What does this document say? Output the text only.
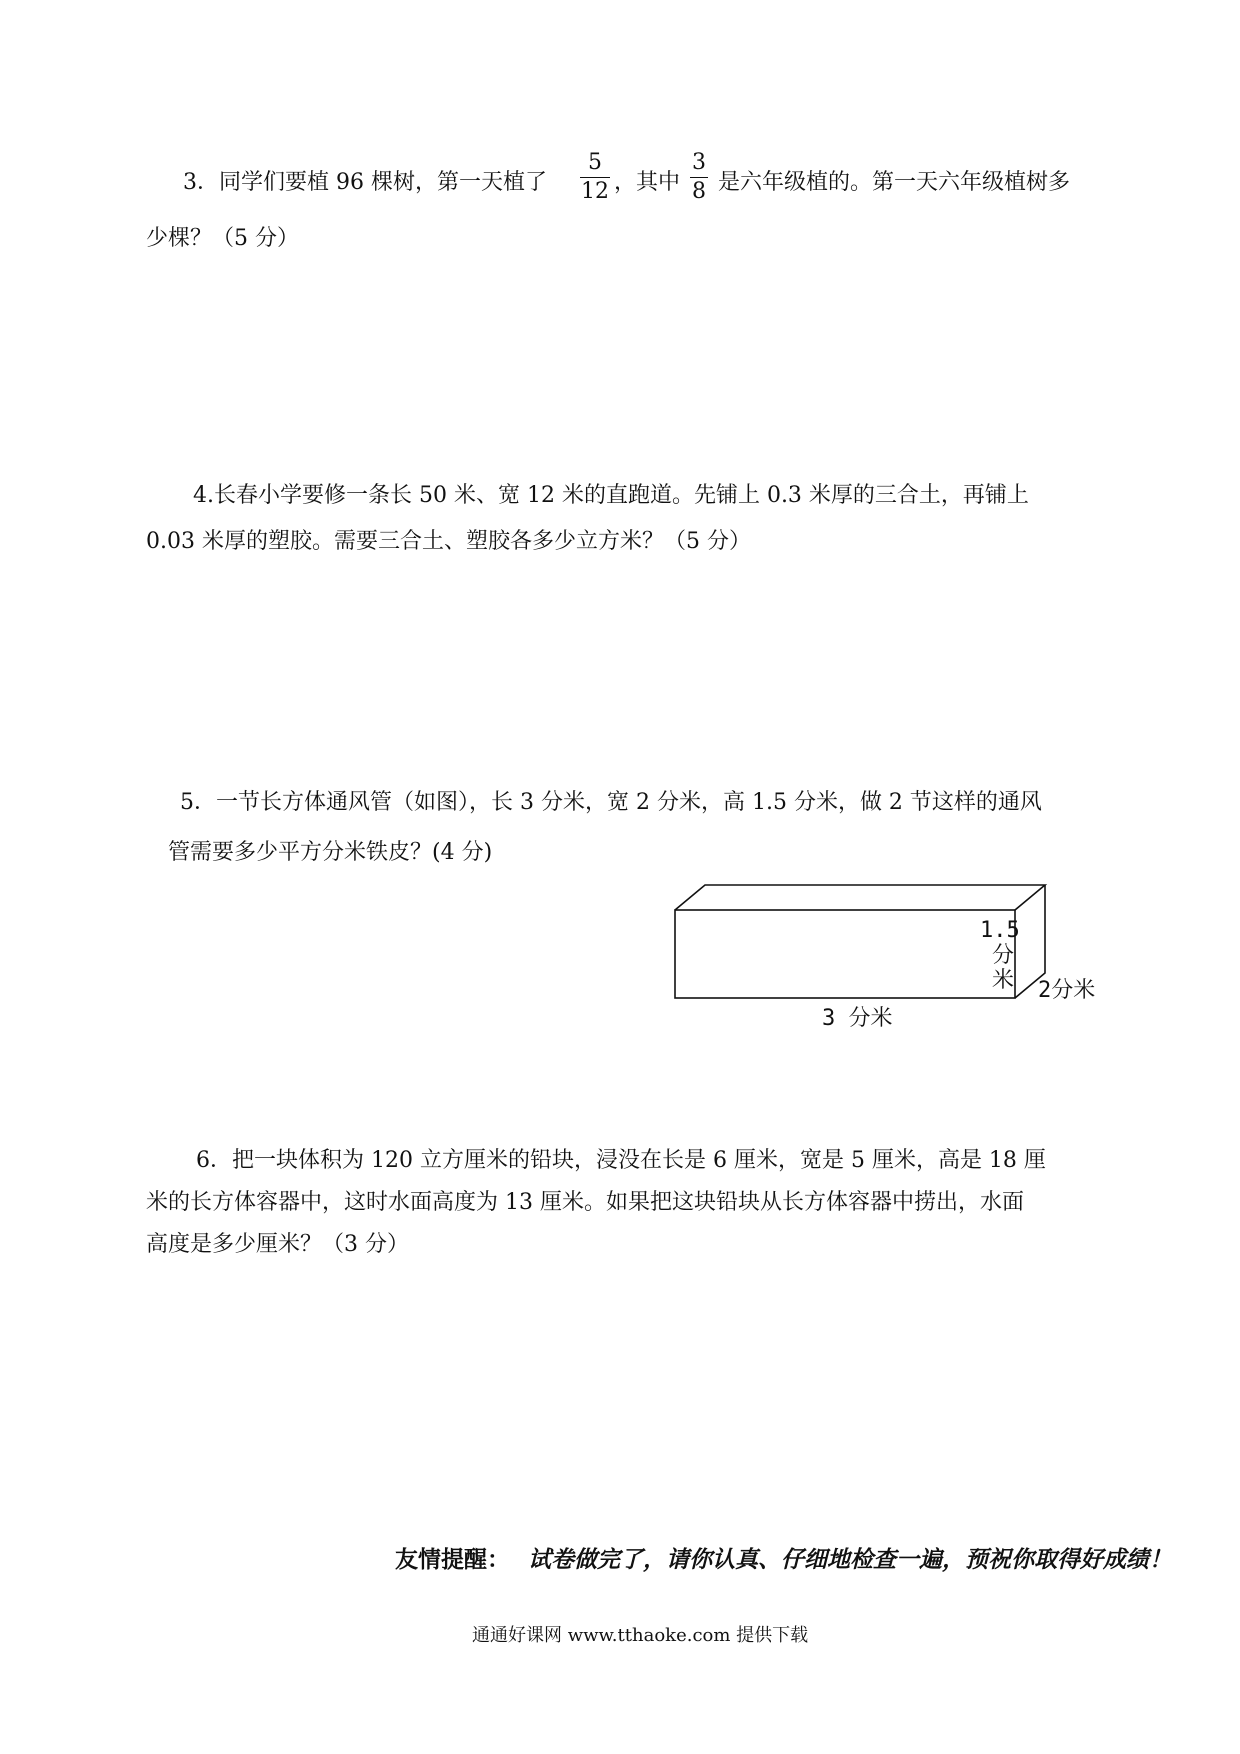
3．同学们要植 96 棵树，第一天植了
5
12 ，其中
3
8 是六年级植的。第一天六年级植树多
少棵？（5 分）
4.长春小学要修一条长 50 米、宽 12 米的直跑道。先铺上 0.3 米厚的三合土，再铺上
0.03 米厚的塑胶。需要三合土、塑胶各多少立方米？（5 分）
5．一节长方体通风管（如图），长 3 分米，宽 2 分米，高 1.5 分米，做 2 节这样的通风
管需要多少平方分米铁皮？(4 分)
1.5
分
米 2分米
3 分米
6．把一块体积为 120 立方厘米的铅块，浸没在长是 6 厘米，宽是 5 厘米，高是 18 厘
米的长方体容器中，这时水面高度为 13 厘米。如果把这块铅块从长方体容器中捞出，水面
高度是多少厘米？（3 分）
友情提醒： 试卷做完了，请你认真、仔细地检查一遍，预祝你取得好成绩！
通通好课网 www.tthaoke.com 提供下载
